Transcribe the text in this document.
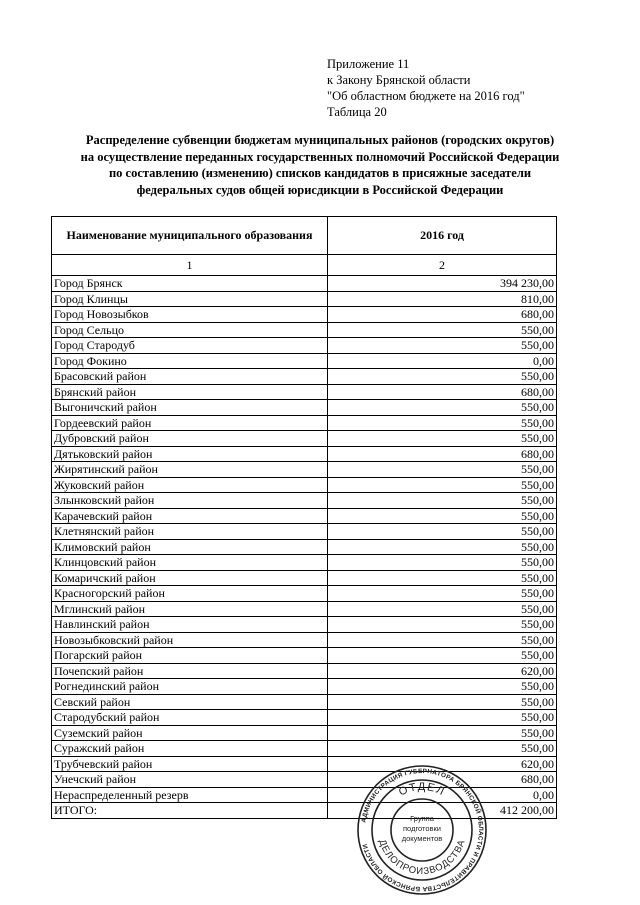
Приложение 11
к Закону Брянской области
"Об областном бюджете на 2016 год"
Таблица 20
Распределение субвенции бюджетам муниципальных районов (городских округов)
на осуществление переданных государственных полномочий Российской Федерации
по составлению (изменению) списков кандидатов в присяжные заседатели
федеральных судов общей юрисдикции в Российской Федерации
Наименование муниципального образования	2016 год
1	2
Город Брянск	394 230,00
Город Клинцы	810,00
Город Новозыбков	680,00
Город Сельцо	550,00
Город Стародуб	550,00
Город Фокино	0,00
Брасовский район	550,00
Брянский район	680,00
Выгоничский район	550,00
Гордеевский район	550,00
Дубровский район	550,00
Дятьковский район	680,00
Жирятинский район	550,00
Жуковский район	550,00
Злынковский район	550,00
Карачевский район	550,00
Клетнянский район	550,00
Климовский район	550,00
Клинцовский район	550,00
Комаричский район	550,00
Красногорский район	550,00
Мглинский район	550,00
Навлинский район	550,00
Новозыбковский район	550,00
Погарский район	550,00
Почепский район	620,00
Рогнединский район	550,00
Севский район	550,00
Стародубский район	550,00
Суземский район	550,00
Суражский район	550,00
Трубчевский район	620,00
Унечский район	680,00
Нераспределенный резерв	0,00
ИТОГО:	412 200,00
АДМИНИСТРАЦИЯ ГУБЕРНАТОРА БРЯНСКОЙ ОБЛАСТИ И ПРАВИТЕЛЬСТВА БРЯНСКОЙ ОБЛАСТИ
ОТДЕЛ
ДЕЛОПРОИЗВОДСТВА
Группа
подготовки
документов
